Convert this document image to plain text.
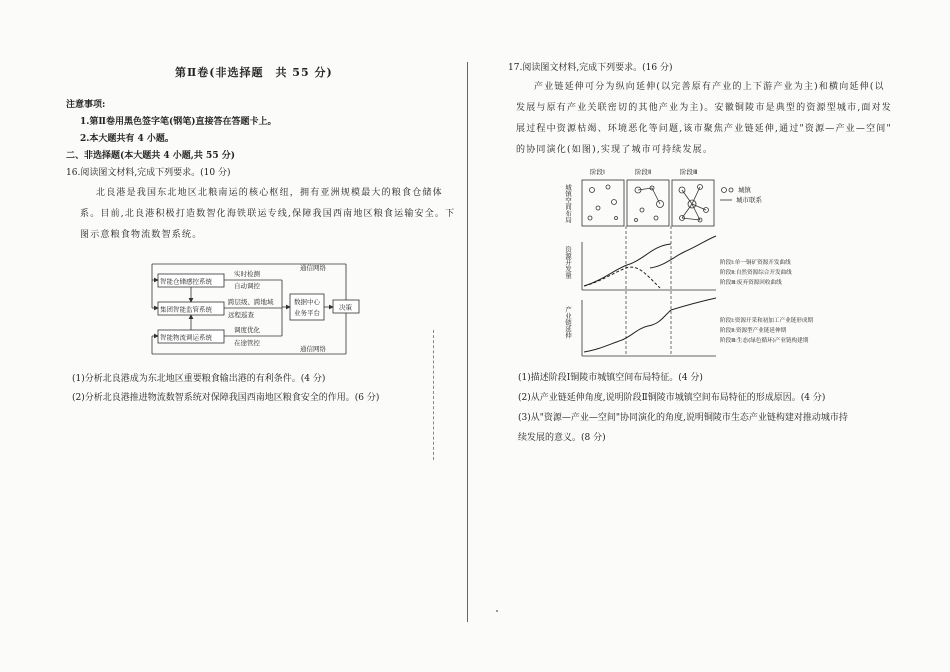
第Ⅱ卷(非选择题　共 55 分)
注意事项:
1.第Ⅱ卷用黑色签字笔(钢笔)直接答在答题卡上。
2.本大题共有 4 小题。
二、非选择题(本大题共 4 小题,共 55 分)
16.阅读图文材料,完成下列要求。(10 分)
北良港是我国东北地区北粮南运的核心枢纽，拥有亚洲规模最大的粮食仓储体
系。目前,北良港积极打造数智化海铁联运专线,保障我国西南地区粮食运输安全。下
图示意粮食物流数智系统。
智能仓储感控系统
集团智能监管系统
智能物流调运系统
数据中心
业务平台
决策
通信网络
通信网络
实时检测
自动调控
跨层级、跨地域
远程巡查
调度优化
在途管控
(1)分析北良港成为东北地区重要粮食输出港的有利条件。(4 分)
(2)分析北良港推进物流数智系统对保障我国西南地区粮食安全的作用。(6 分)
17.阅读图文材料,完成下列要求。(16 分)
产业链延伸可分为纵向延伸(以完善原有产业的上下游产业为主)和横向延伸(以
发展与原有产业关联密切的其他产业为主)。安徽铜陵市是典型的资源型城市,面对发
展过程中资源枯竭、环境恶化等问题,该市聚焦产业链延伸,通过"资源—产业—空间"
的协同演化(如图),实现了城市可持续发展。
阶段Ⅰ	阶段Ⅱ	阶段Ⅲ
城镇
城市联系
阶段Ⅰ:单一铜矿资源开发曲线
阶段Ⅱ:自然资源综合开发曲线
阶段Ⅲ:废弃资源回收曲线
阶段Ⅰ:资源开采和初加工产业链形成期
阶段Ⅱ:资源型产业链延伸期
阶段Ⅲ:生态(绿色循环)产业链构建期
城镇空间布局
资源开发量
产业链延伸
(1)描述阶段Ⅰ铜陵市城镇空间布局特征。(4 分)
(2)从产业链延伸角度,说明阶段Ⅱ铜陵市城镇空间布局特征的形成原因。(4 分)
(3)从"资源—产业—空间"协同演化的角度,说明铜陵市生态产业链构建对推动城市持
续发展的意义。(8 分)
